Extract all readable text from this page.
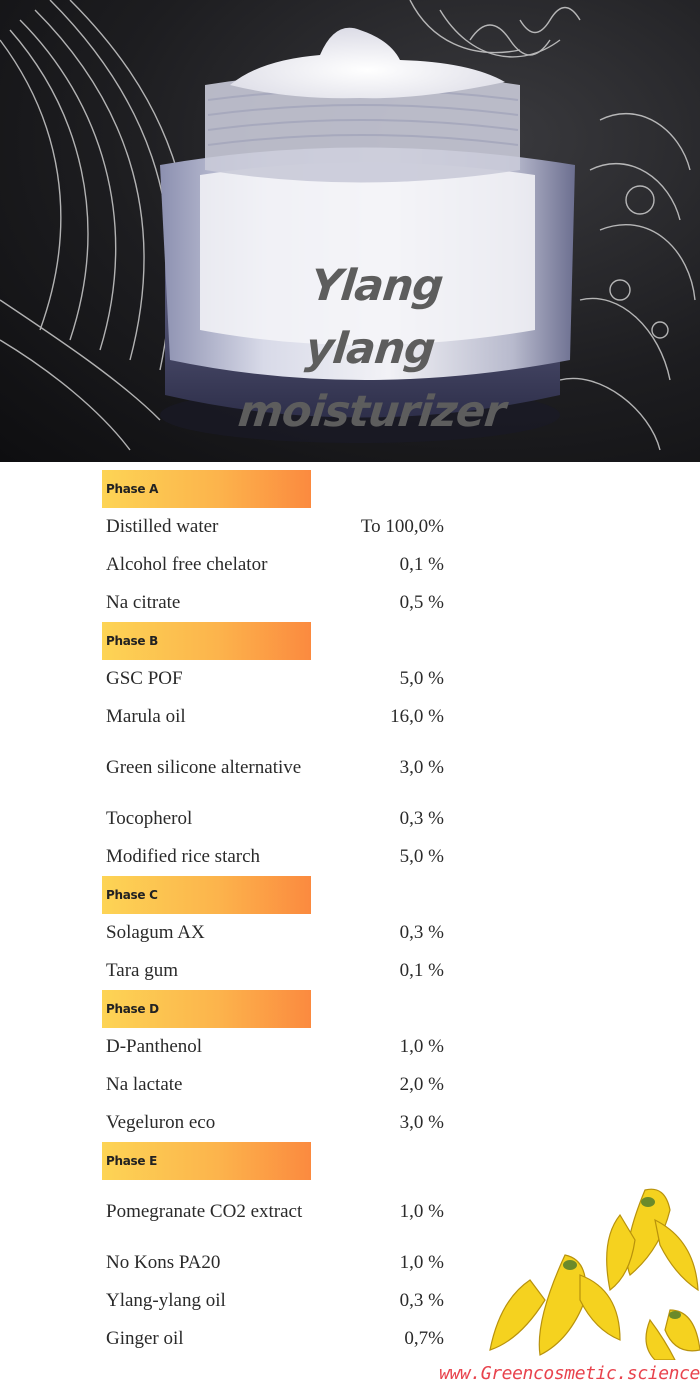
Ylang ylang
moisturizer
Phase A
Distilled water	To 100,0%
Alcohol free chelator	0,1 %
Na citrate	0,5 %
Phase B
GSC POF	5,0 %
Marula oil	16,0 %
Green silicone alternative	3,0 %
Tocopherol	0,3 %
Modified rice starch	5,0 %
Phase C
Solagum AX	0,3 %
Tara gum	0,1 %
Phase D
D-Panthenol	1,0 %
Na lactate	2,0 %
Vegeluron eco	3,0 %
Phase E
Pomegranate CO2 extract	1,0 %
No Kons PA20	1,0 %
Ylang-ylang oil	0,3 %
Ginger oil	0,7%
www.Greencosmetic.science
